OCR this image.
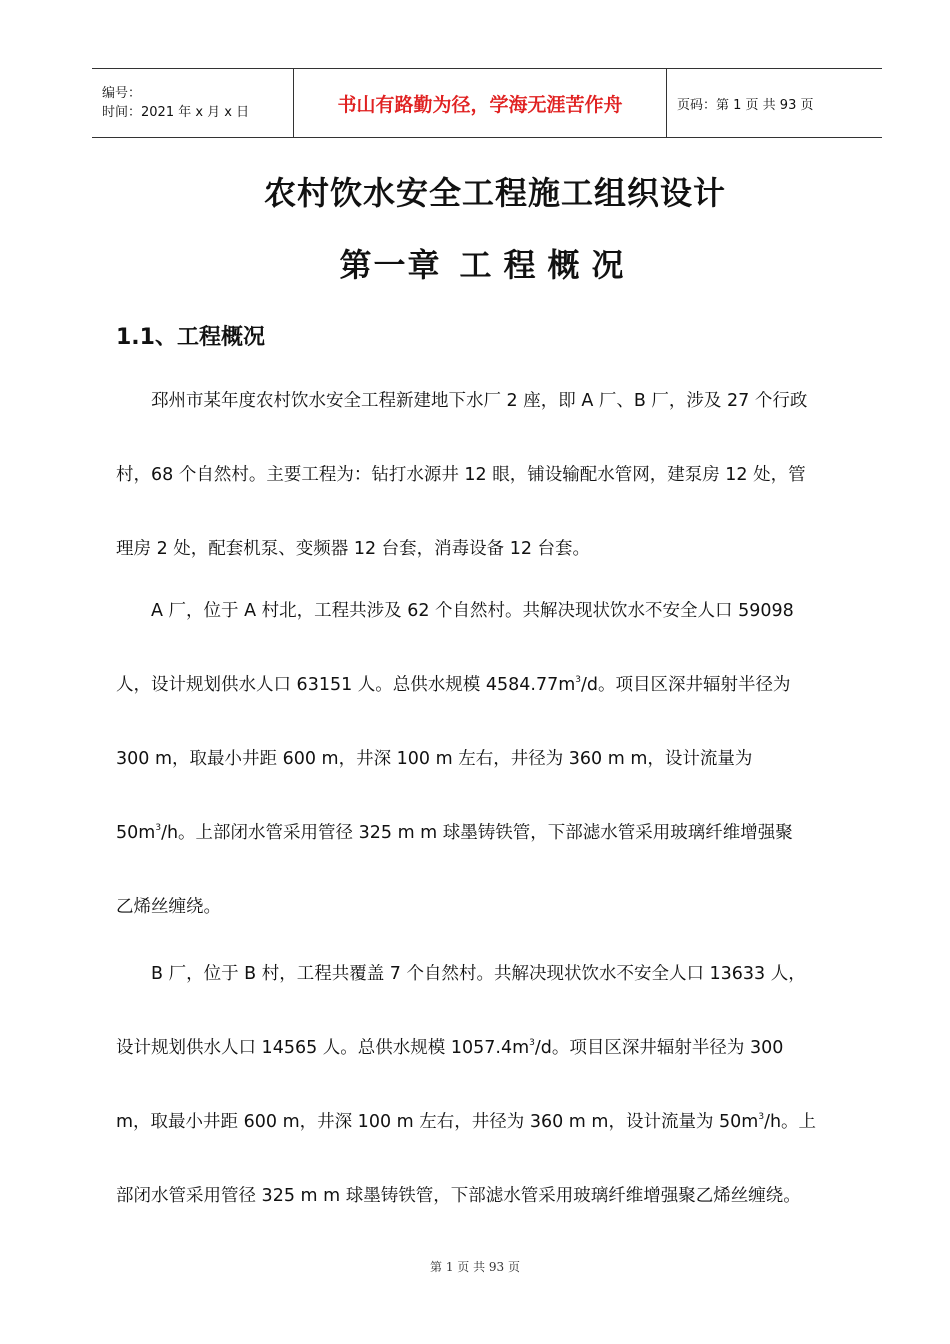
编号：
时间：2021 年 x 月 x 日	书山有路勤为径，学海无涯苦作舟	页码：第 1 页 共 93 页
农村饮水安全工程施工组织设计
第一章 工程概况
1.1、工程概况
邳州市某年度农村饮水安全工程新建地下水厂 2 座，即 A 厂、B 厂，涉及 27 个行政
村，68 个自然村。主要工程为：钻打水源井 12 眼，铺设输配水管网，建泵房 12 处，管
理房 2 处，配套机泵、变频器 12 台套，消毒设备 12 台套。
A 厂，位于 A 村北，工程共涉及 62 个自然村。共解决现状饮水不安全人口 59098
人，设计规划供水人口 63151 人。总供水规模 $4584.77m^3/d$。项目区深井辐射半径为
300 m，取最小井距 600 m，井深 100 m 左右，井径为 360 m m，设计流量为
$50m^3/h$。上部闭水管采用管径 325 m m 球墨铸铁管，下部滤水管采用玻璃纤维增强聚
乙烯丝缠绕。
B 厂，位于 B 村，工程共覆盖 7 个自然村。共解决现状饮水不安全人口 13633 人，
设计规划供水人口 14565 人。总供水规模 $1057.4m^3/d$。项目区深井辐射半径为 300
m，取最小井距 600 m，井深 100 m 左右，井径为 360 m m，设计流量为 $50m^3/h$。上
部闭水管采用管径 325 m m 球墨铸铁管，下部滤水管采用玻璃纤维增强聚乙烯丝缠绕。
第 1 页 共 93 页
